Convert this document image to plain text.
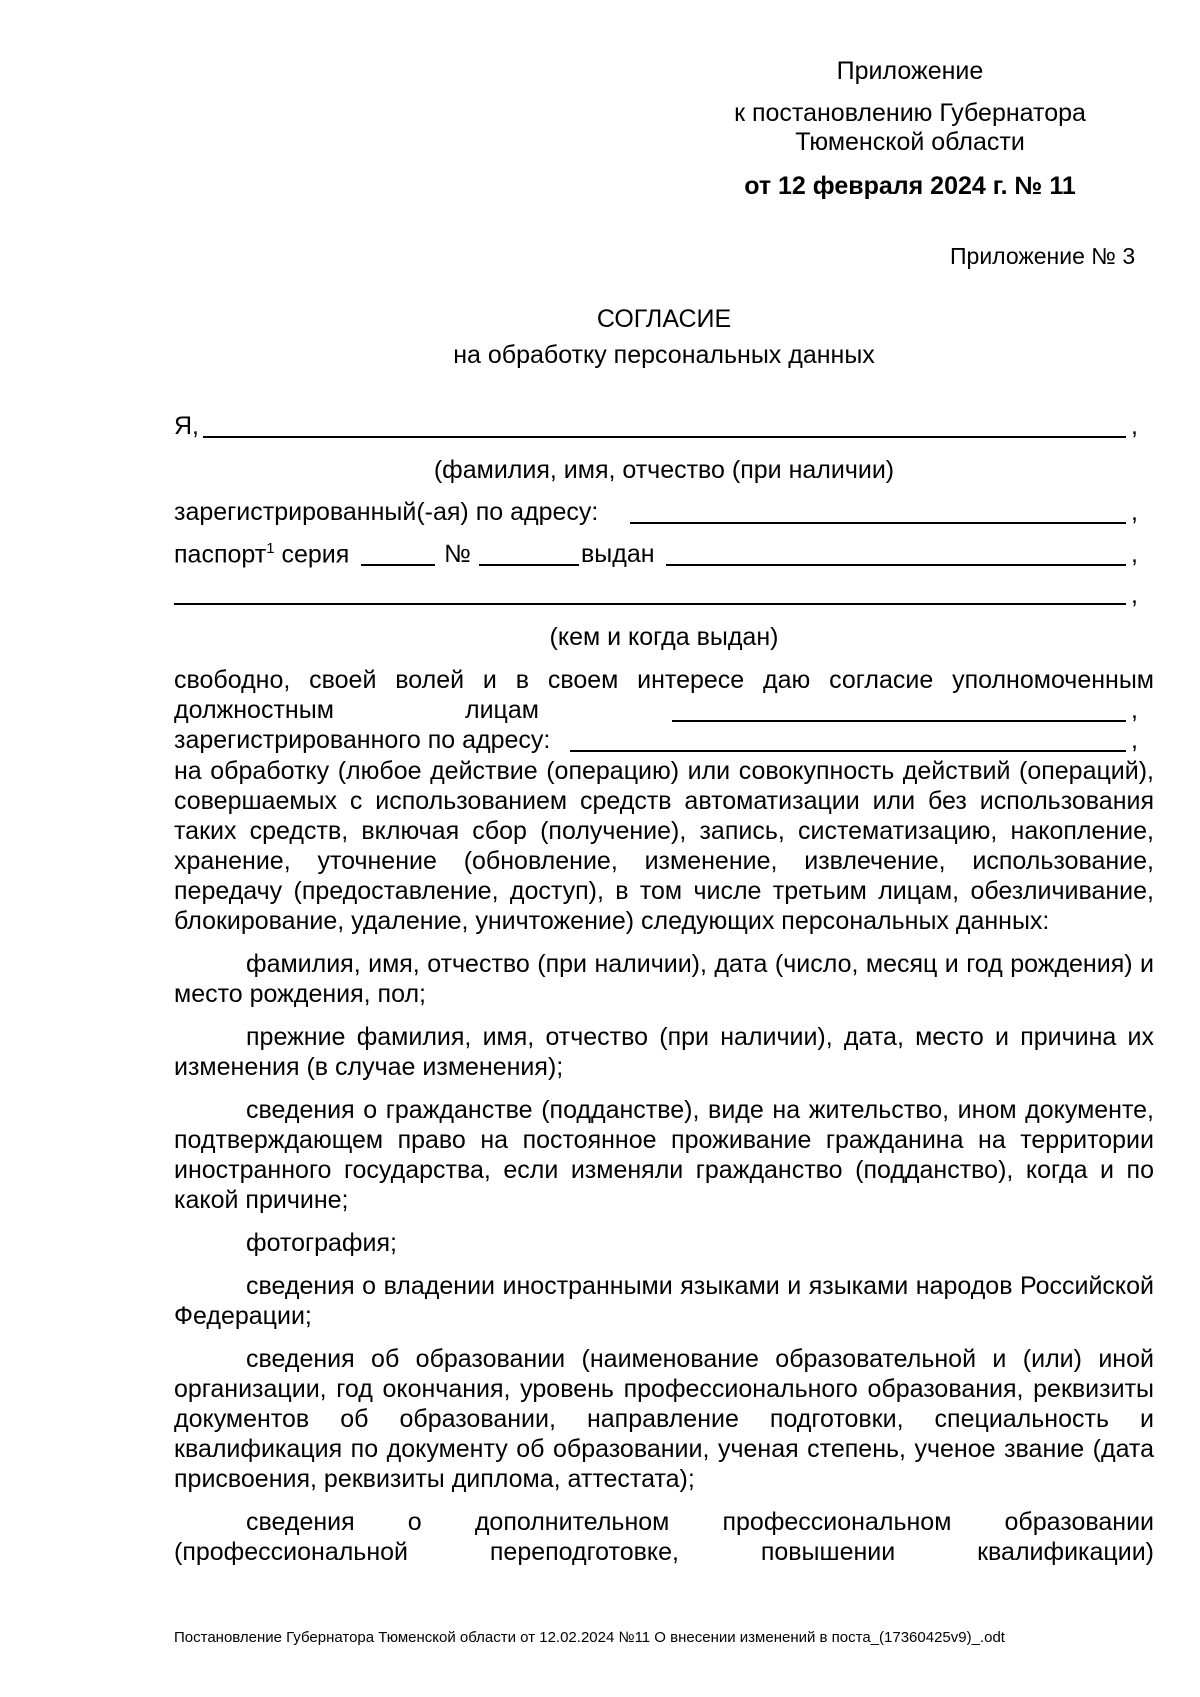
Приложение
к постановлению Губернатора
Тюменской области
от 12 февраля 2024 г. № 11
Приложение № 3
СОГЛАСИЕ
на обработку персональных данных
Я,	,
(фамилия, имя, отчество (при наличии)
зарегистрированный(-ая) по адресу:	,
паспорт$^1$ серия	№	выдан	,
,
(кем и когда выдан)
свободно, своей волей и в своем интересе даю согласие уполномоченным
должностным	лицам	,
зарегистрированного по адресу:	,

на обработку (любое действие (операцию) или совокупность действий (операций), совершаемых с использованием средств автоматизации или без использования таких средств, включая сбор (получение), запись, систематизацию, накопление, хранение, уточнение (обновление, изменение, извлечение, использование, передачу (предоставление, доступ), в том числе третьим лицам, обезличивание, блокирование, удаление, уничтожение) следующих персональных данных:

фамилия, имя, отчество (при наличии), дата (число, месяц и год рождения) и место рождения, пол;

прежние фамилия, имя, отчество (при наличии), дата, место и причина их изменения (в случае изменения);

сведения о гражданстве (подданстве), виде на жительство, ином документе, подтверждающем право на постоянное проживание гражданина на территории иностранного государства, если изменяли гражданство (подданство), когда и по какой причине;

фотография;

сведения о владении иностранными языками и языками народов Российской Федерации;

сведения об образовании (наименование образовательной и (или) иной организации, год окончания, уровень профессионального образования, реквизиты документов об образовании, направление подготовки, специальность и квалификация по документу об образовании, ученая степень, ученое звание (дата присвоения, реквизиты диплома, аттестата);

сведения о дополнительном профессиональном образовании (профессиональной переподготовке, повышении квалификации)

Постановление Губернатора Тюменской области от 12.02.2024 №11 О внесении изменений в поста_(17360425v9)_.odt
